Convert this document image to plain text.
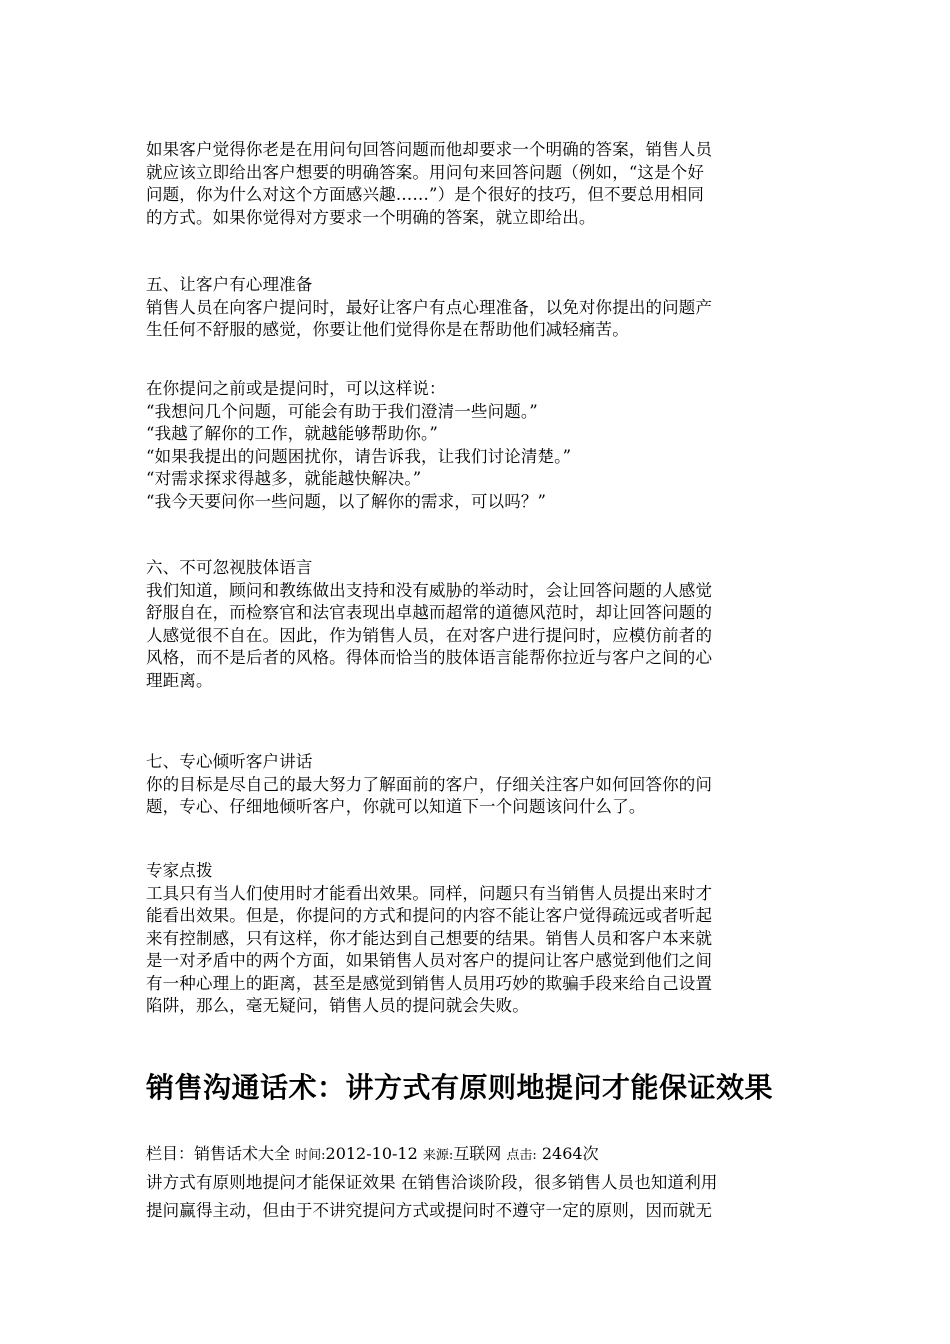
如果客户觉得你老是在用问句回答问题而他却要求一个明确的答案，销售人员
就应该立即给出客户想要的明确答案。用问句来回答问题（例如，“这是个好
问题，你为什么对这个方面感兴趣……”）是个很好的技巧，但不要总用相同
的方式。如果你觉得对方要求一个明确的答案，就立即给出。
五、让客户有心理准备
销售人员在向客户提问时，最好让客户有点心理准备，以免对你提出的问题产
生任何不舒服的感觉，你要让他们觉得你是在帮助他们减轻痛苦。
在你提问之前或是提问时，可以这样说：
“我想问几个问题，可能会有助于我们澄清一些问题。”
“我越了解你的工作，就越能够帮助你。”
“如果我提出的问题困扰你，请告诉我，让我们讨论清楚。”
“对需求探求得越多，就能越快解决。”
“我今天要问你一些问题，以了解你的需求，可以吗？”
六、不可忽视肢体语言
我们知道，顾问和教练做出支持和没有威胁的举动时，会让回答问题的人感觉
舒服自在，而检察官和法官表现出卓越而超常的道德风范时，却让回答问题的
人感觉很不自在。因此，作为销售人员，在对客户进行提问时，应模仿前者的
风格，而不是后者的风格。得体而恰当的肢体语言能帮你拉近与客户之间的心
理距离。
七、专心倾听客户讲话
你的目标是尽自己的最大努力了解面前的客户，仔细关注客户如何回答你的问
题，专心、仔细地倾听客户，你就可以知道下一个问题该问什么了。
专家点拨
工具只有当人们使用时才能看出效果。同样，问题只有当销售人员提出来时才
能看出效果。但是，你提问的方式和提问的内容不能让客户觉得疏远或者听起
来有控制感，只有这样，你才能达到自己想要的结果。销售人员和客户本来就
是一对矛盾中的两个方面，如果销售人员对客户的提问让客户感觉到他们之间
有一种心理上的距离，甚至是感觉到销售人员用巧妙的欺骗手段来给自己设置
陷阱，那么，毫无疑问，销售人员的提问就会失败。
销售沟通话术：讲方式有原则地提问才能保证效果
栏目：销售话术大全 时间:2012-10-12 来源:互联网 点击: 2464次
讲方式有原则地提问才能保证效果 在销售洽谈阶段，很多销售人员也知道利用
提问赢得主动，但由于不讲究提问方式或提问时不遵守一定的原则，因而就无
